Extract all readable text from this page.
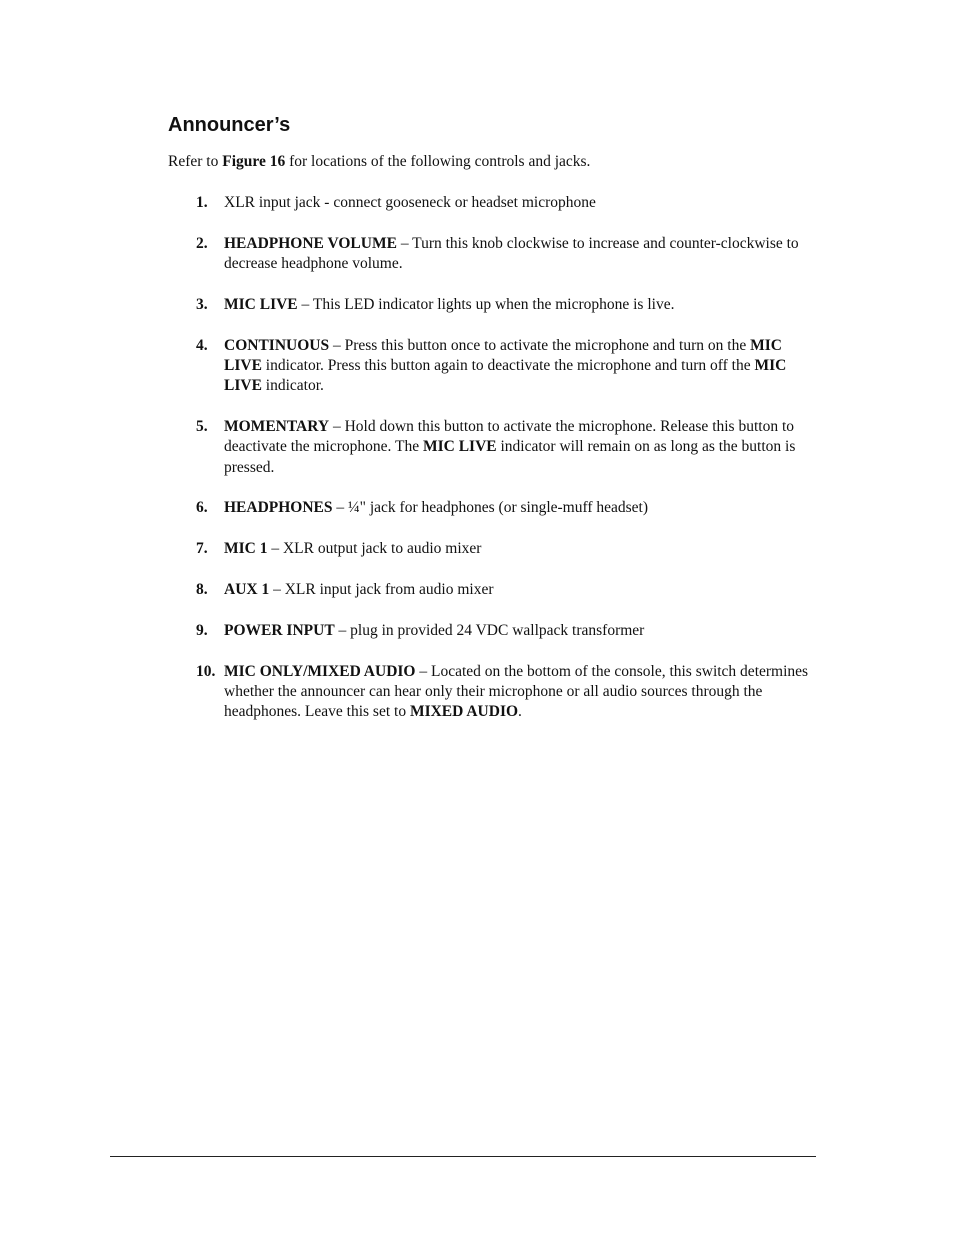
Announcer’s

Refer to Figure 16 for locations of the following controls and jacks.

1. XLR input jack - connect gooseneck or headset microphone
2. HEADPHONE VOLUME – Turn this knob clockwise to increase and counter-clockwise to decrease headphone volume.
3. MIC LIVE – This LED indicator lights up when the microphone is live.
4. CONTINUOUS – Press this button once to activate the microphone and turn on the MIC LIVE indicator. Press this button again to deactivate the microphone and turn off the MIC LIVE indicator.
5. MOMENTARY – Hold down this button to activate the microphone. Release this button to deactivate the microphone. The MIC LIVE indicator will remain on as long as the button is pressed.
6. HEADPHONES – ¼" jack for headphones (or single-muff headset)
7. MIC 1 – XLR output jack to audio mixer
8. AUX 1 – XLR input jack from audio mixer
9. POWER INPUT – plug in provided 24 VDC wallpack transformer
10. MIC ONLY/MIXED AUDIO – Located on the bottom of the console, this switch determines whether the announcer can hear only their microphone or all audio sources through the headphones. Leave this set to MIXED AUDIO.
